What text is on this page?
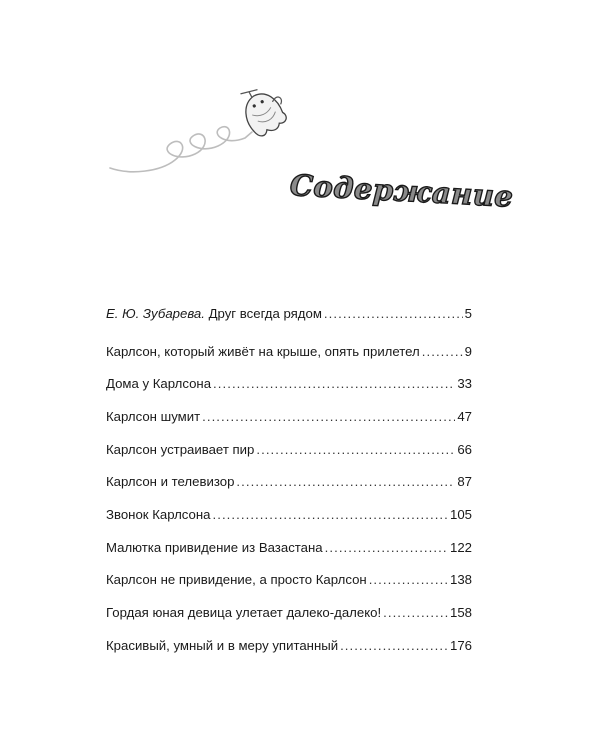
Содержание
Е. Ю. Зубарева. Друг всегда рядом . . .	5
Карлсон, который живёт на крыше, опять прилетел . . .	9
Дома у Карлсона . . .	33
Карлсон шумит . . .	47
Карлсон устраивает пир . . .	66
Карлсон и телевизор . . .	87
Звонок Карлсона . . .	105
Малютка привидение из Вазастана . . .	122
Карлсон не привидение, а просто Карлсон . . .	138
Гордая юная девица улетает далеко-далеко! . . .	158
Красивый, умный и в меру упитанный . . .	176
